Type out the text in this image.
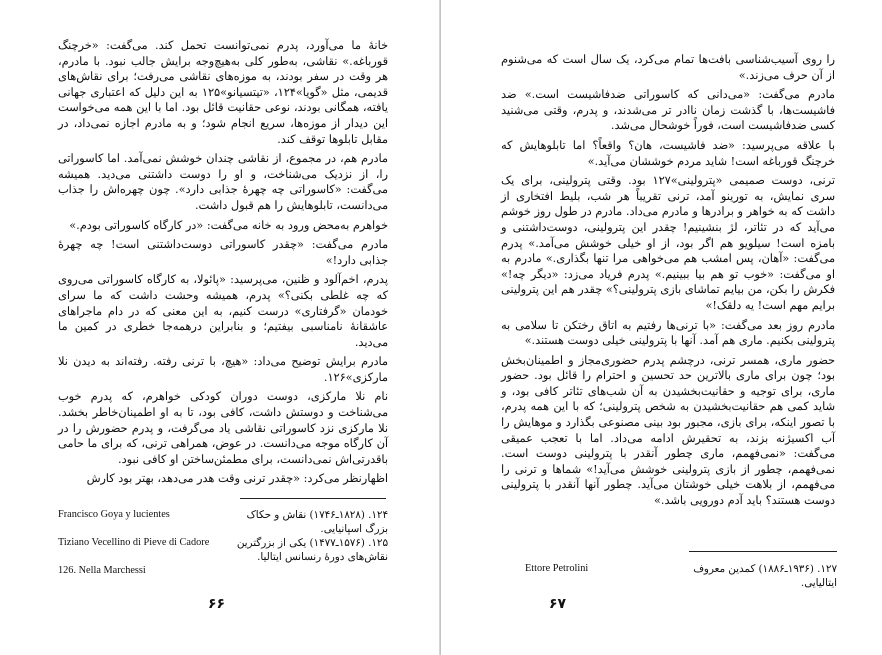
خانهٔ ما می‌آورد، پدرم نمی‌توانست تحمل کند. می‌گفت: «خرچنگ قورباغه.» نقاشی، به‌طور کلی به‌هیچ‌وجه برایش جالب نبود. با مادرم، هر وقت در سفر بودند، به موزه‌های نقاشی می‌رفت؛ برای نقاش‌های قدیمی، مثل «گویا»۱۲۴، «تیتسیانو»۱۲۵ به این دلیل که اعتباری جهانی یافته، همگانی بودند، نوعی حقانیت قائل بود. اما با این همه می‌خواست این دیدار از موزه‌ها، سریع انجام شود؛ و به مادرم اجازه نمی‌داد، در مقابل تابلوها توقف کند.

مادرم هم، در مجموع، از نقاشی چندان خوشش نمی‌آمد. اما کاسوراتی را، از نزدیک می‌شناخت، و او را دوست داشتنی می‌دید. همیشه می‌گفت: «کاسوراتی چه چهرهٔ جذابی دارد». چون چهره‌اش را جذاب می‌دانست، تابلوهایش را هم قبول داشت.

خواهرم به‌محض ورود به خانه می‌گفت: «در کارگاه کاسوراتی بودم.»

مادرم می‌گفت: «چقدر کاسوراتی دوست‌داشتنی است! چه چهرهٔ جذابی دارد!»

پدرم، اخم‌آلود و ظنین، می‌پرسید: «پائولا، به کارگاه کاسوراتی می‌روی که چه غلطی بکنی؟» پدرم، همیشه وحشت داشت که ما سرای خودمان «گرفتاری» درست کنیم، به این معنی که در دام ماجراهای عاشقانهٔ نامناسبی بیفتیم؛ و بنابراین درهمه‌جا خطری در کمین ما می‌دید.

مادرم برایش توضیح می‌داد: «هیچ، با ترنی رفته. رفته‌اند به دیدن نلا مارکزی»۱۲۶.

نام نلا مارکزی، دوست دوران کودکی خواهرم، که پدرم خوب می‌شناخت و دوستش داشت، کافی بود، تا به او اطمینان‌خاطر بخشد. نلا مارکزی نزد کاسوراتی نقاشی یاد می‌گرفت، و پدرم حضورش را در آن کارگاه موجه می‌دانست. در عوض، همراهی ترنی، که برای ما حامی باقدرتی‌اش نمی‌دانست، برای مطمئن‌ساختن او کافی نبود.

اظهارنظر می‌کرد: «چقدر ترنی وقت هدر می‌دهد، بهتر بود کارش

۱۲۴. (۱۸۲۸ـ۱۷۴۶) نقاش و حکاک بزرگ اسپانیایی.
Francisco Goya y lucientes
۱۲۵. (۱۵۷۶ـ۱۴۷۷) یکی از بزرگترین نقاش‌های دورهٔ رنسانس ایتالیا.
Tiziano Vecellino di Pieve di Cadore
126. Nella Marchessi
۶۶

را روی آسیب‌شناسی بافت‌ها تمام می‌کرد، یک سال است که می‌شنوم از آن حرف می‌زند.»

مادرم می‌گفت: «می‌دانی که کاسوراتی ضدفاشیست است.» ضد فاشیست‌ها، با گذشت زمان ناادر تر می‌شدند، و پدرم، وقتی می‌شنید کسی ضدفاشیست است، فوراً خوشحال می‌شد.

با علاقه می‌پرسید: «ضد فاشیست، هان؟ واقعاً؟ اما تابلوهایش که خرچنگ قورباغه است! شاید مردم خوششان می‌آید.»

ترنی، دوست صمیمی «پترولینی»۱۲۷ بود. وقتی پترولینی، برای یک سری نمایش، به تورینو آمد، ترنی تقریباً هر شب، بلیط افتخاری از داشت که به خواهر و برادرها و مادرم می‌داد. مادرم در طول روز خوشم می‌آید که در تئاتر، لژ بنشینیم! چقدر این پترولینی، دوست‌داشتنی و بامزه است! سیلویو هم اگر بود، از او خیلی خوشش می‌آمد.» پدرم می‌گفت: «آهان، پس امشب هم می‌خواهی مرا تنها بگذاری.» مادرم به او می‌گفت: «خوب تو هم بیا ببینیم.» پدرم فریاد می‌زد: «دیگر چه!» فکرش را بکن، من بیایم تماشای بازی پترولینی؟» چقدر هم این پترولینی برایم مهم است! یه دلقک!»

مادرم روز بعد می‌گفت: «با ترنی‌ها رفتیم به اتاق رختکن تا سلامی به پترولینی بکنیم. ماری هم آمد. آنها با پترولینی خیلی دوست هستند.»

حضور ماری، همسر ترنی، درچشم پدرم حضوری‌مجاز و اطمینان‌بخش بود؛ چون برای ماری بالاترین حد تحسین و احترام را قائل بود. حضور ماری، برای توجیه و حقانیت‌بخشیدن به آن شب‌های تئاتر کافی بود، و شاید کمی هم حقانیت‌بخشیدن به شخص پترولینی؛ که با این همه پدرم، با تصور اینکه، برای بازی، مجبور بود بینی مصنوعی بگذارد و موهایش را آب اکسیژنه بزند، به تحقیرش ادامه می‌داد. اما با تعجب عمیقی می‌گفت: «نمی‌فهمم، ماری چطور آنقدر با پترولینی دوست است. نمی‌فهمم، چطور از بازی پترولینی خوشش می‌آید!» شماها و ترنی را می‌فهمم، از بلاهت خیلی خوشتان می‌آید. چطور آنها آنقدر با پترولینی دوست هستند؟ باید آدم دورویی باشد.»

۱۲۷. (۱۹۳۶ـ۱۸۸۶) کمدین معروف ایتالیایی.
Ettore Petrolini
۶۷
